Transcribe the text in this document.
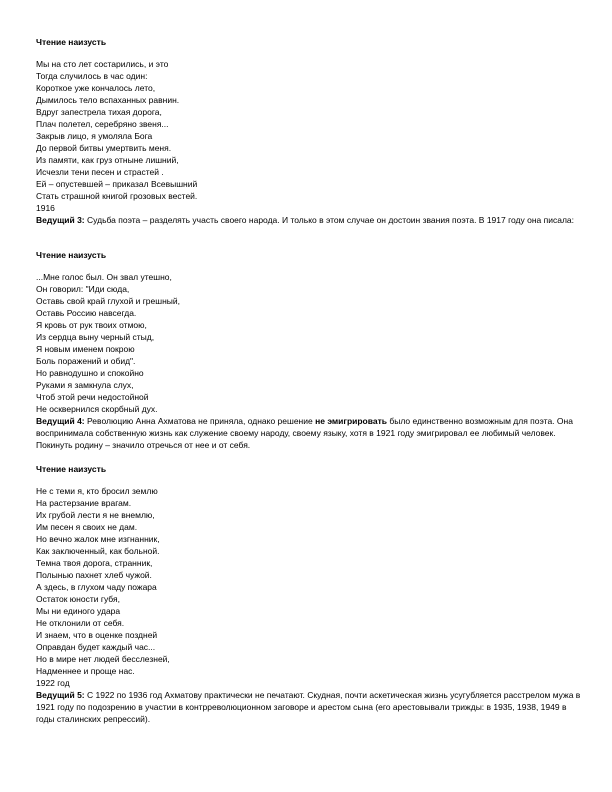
Чтение наизусть
Мы на сто лет состарились, и это
Тогда случилось в час один:
Короткое уже кончалось лето,
Дымилось тело вспаханных равнин.
Вдруг запестрела тихая дорога,
Плач полетел, серебряно звеня...
Закрыв лицо, я умоляла Бога
До первой битвы умертвить меня.
Из памяти, как груз отныне лишний,
Исчезли тени песен и страстей .
Ей – опустевшей – приказал Всевышний
Стать страшной книгой грозовых вестей.
1916

Ведущий 3: Судьба поэта – разделять участь своего народа. И только в этом случае он достоин звания поэта. В 1917 году она писала:

Чтение наизусть
...Мне голос был. Он звал утешно,
Он говорил: "Иди сюда,
Оставь свой край глухой и грешный,
Оставь Россию навсегда.
Я кровь от рук твоих отмою,
Из сердца выну черный стыд,
Я новым именем покрою
Боль поражений и обид".
Но равнодушно и спокойно
Руками я замкнула слух,
Чтоб этой речи недостойной
Не осквернился скорбный дух.

Ведущий 4: Революцию Анна Ахматова не приняла, однако решение не эмигрировать было единственно возможным для поэта. Она воспринимала собственную жизнь как служение своему народу, своему языку, хотя в 1921 году эмигрировал ее любимый человек. Покинуть родину – значило отречься от нее и от себя.

Чтение наизусть
Не с теми я, кто бросил землю
На растерзание врагам.
Их грубой лести я не внемлю,
Им песен я своих не дам.
Но вечно жалок мне изгнанник,
Как заключенный, как больной.
Темна твоя дорога, странник,
Полынью пахнет хлеб чужой.
А здесь, в глухом чаду пожара
Остаток юности губя,
Мы ни единого удара
Не отклонили от себя.
И знаем, что в оценке поздней
Оправдан будет каждый час...
Но в мире нет людей бесслезней,
Надменнее и проще нас.
1922 год

Ведущий 5: С 1922 по 1936 год Ахматову практически не печатают. Скудная, почти аскетическая жизнь усугубляется расстрелом мужа в 1921 году по подозрению в участии в контрреволюционном заговоре и арестом сына (его арестовывали трижды: в 1935, 1938, 1949 в годы сталинских репрессий).
